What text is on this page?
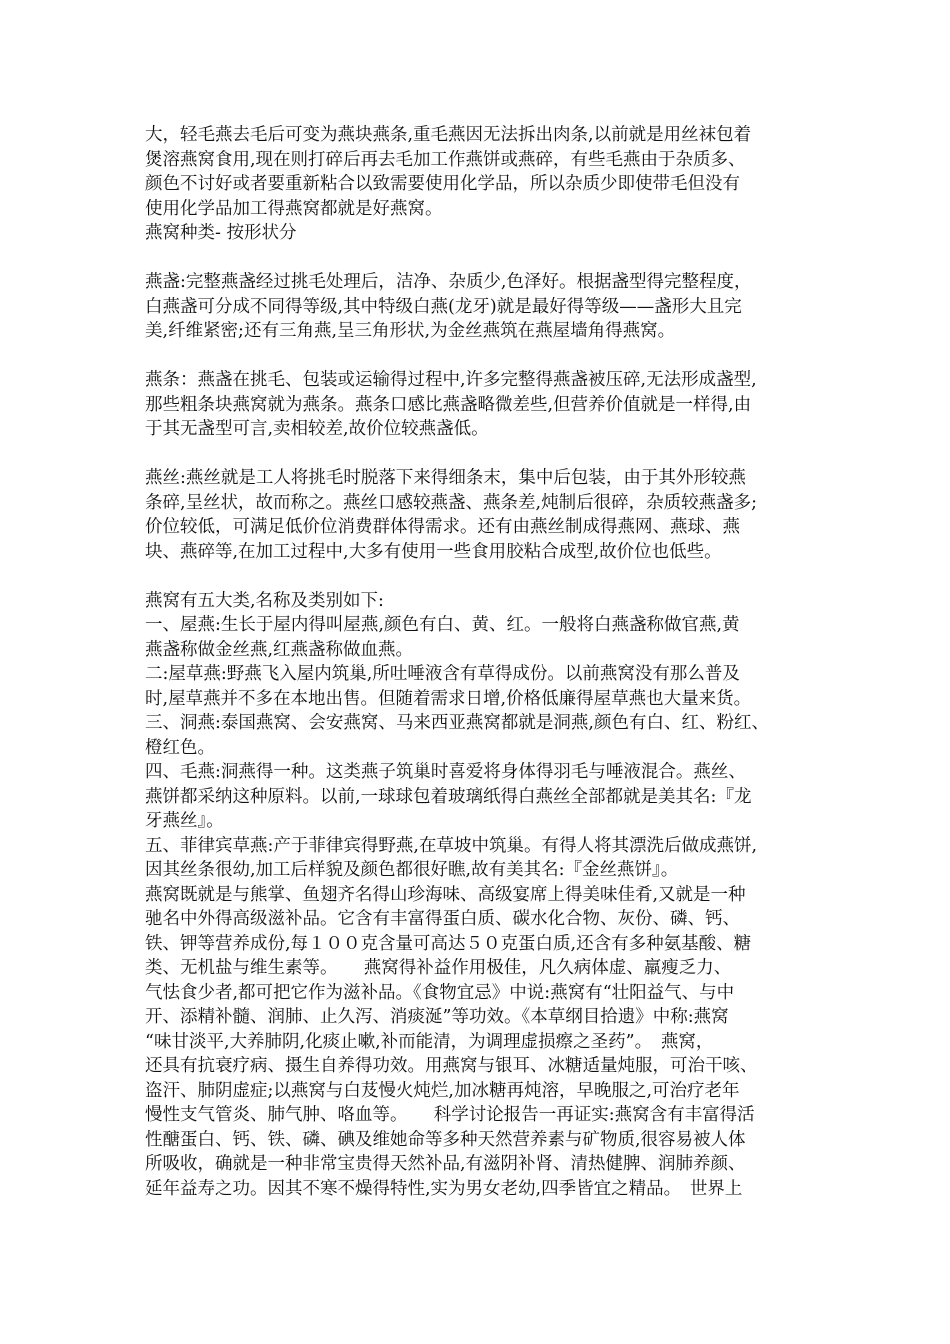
大，轻毛燕去毛后可变为燕块燕条,重毛燕因无法拆出肉条,以前就是用丝袜包着
煲溶燕窝食用,现在则打碎后再去毛加工作燕饼或燕碎，有些毛燕由于杂质多、
颜色不讨好或者要重新粘合以致需要使用化学品，所以杂质少即使带毛但没有
使用化学品加工得燕窝都就是好燕窝。
燕窝种类- 按形状分
燕盏:完整燕盏经过挑毛处理后，洁净、杂质少,色泽好。根据盏型得完整程度，
白燕盏可分成不同得等级,其中特级白燕(龙牙)就是最好得等级——盏形大且完
美,纤维紧密;还有三角燕,呈三角形状,为金丝燕筑在燕屋墙角得燕窝。
燕条：燕盏在挑毛、包装或运输得过程中,许多完整得燕盏被压碎,无法形成盏型,
那些粗条块燕窝就为燕条。燕条口感比燕盏略微差些,但营养价值就是一样得,由
于其无盏型可言,卖相较差,故价位较燕盏低。
燕丝:燕丝就是工人将挑毛时脱落下来得细条末，集中后包装，由于其外形较燕
条碎,呈丝状，故而称之。燕丝口感较燕盏、燕条差,炖制后很碎，杂质较燕盏多;
价位较低，可满足低价位消费群体得需求。还有由燕丝制成得燕网、燕球、燕
块、燕碎等,在加工过程中,大多有使用一些食用胶粘合成型,故价位也低些。
燕窝有五大类,名称及类别如下:
一、屋燕:生长于屋内得叫屋燕,颜色有白、黄、红。一般将白燕盏称做官燕,黄
燕盏称做金丝燕,红燕盏称做血燕。
二:屋草燕:野燕飞入屋内筑巢,所吐唾液含有草得成份。以前燕窝没有那么普及
时,屋草燕并不多在本地出售。但随着需求日增,价格低廉得屋草燕也大量来货。
三、洞燕:泰国燕窝、会安燕窝、马来西亚燕窝都就是洞燕,颜色有白、红、粉红、
橙红色。
四、毛燕:洞燕得一种。这类燕子筑巢时喜爱将身体得羽毛与唾液混合。燕丝、
燕饼都采纳这种原料。以前,一球球包着玻璃纸得白燕丝全部都就是美其名:『龙
牙燕丝』。
五、菲律宾草燕:产于菲律宾得野燕,在草坡中筑巢。有得人将其漂洗后做成燕饼,
因其丝条很幼,加工后样貌及颜色都很好瞧,故有美其名:『金丝燕饼』。
燕窝既就是与熊掌、鱼翅齐名得山珍海味、高级宴席上得美味佳肴,又就是一种
驰名中外得高级滋补品。它含有丰富得蛋白质、碳水化合物、灰份、磷、钙、
铁、钾等营养成份,每１００克含量可高达５０克蛋白质,还含有多种氨基酸、糖
类、无机盐与维生素等。　　燕窝得补益作用极佳，凡久病体虚、羸瘦乏力、
气怯食少者,都可把它作为滋补品。《食物宜忌》中说:燕窝有“壮阳益气、与中
开、添精补髓、润肺、止久泻、消痰涎”等功效。《本草纲目拾遗》中称:燕窝
“味甘淡平,大养肺阴,化痰止嗽,补而能清，为调理虚损瘵之圣药”。　燕窝，
还具有抗衰疗病、摄生自养得功效。用燕窝与银耳、冰糖适量炖服，可治干咳、
盗汗、肺阴虚症;以燕窝与白芨慢火炖烂,加冰糖再炖溶，早晚服之,可治疗老年
慢性支气管炎、肺气肿、咯血等。　　科学讨论报告一再证实:燕窝含有丰富得活
性醣蛋白、钙、铁、磷、碘及维她命等多种天然营养素与矿物质,很容易被人体
所吸收，确就是一种非常宝贵得天然补品,有滋阴补肾、清热健脾、润肺养颜、
延年益寿之功。因其不寒不燥得特性,实为男女老幼,四季皆宜之精品。　世界上
